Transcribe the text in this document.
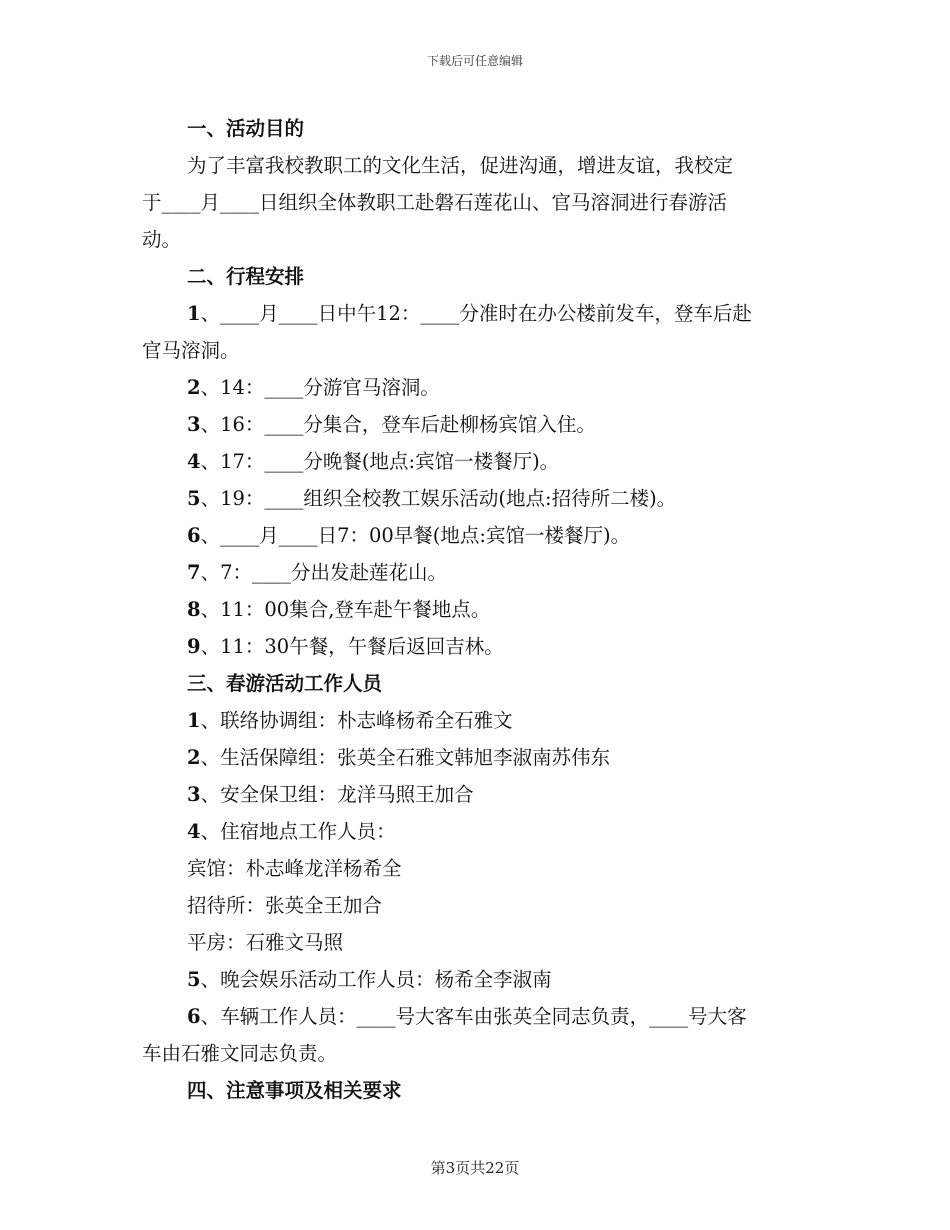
下载后可任意编辑
一、活动目的
为了丰富我校教职工的文化生活，促进沟通，增进友谊，我校定
于____月____日组织全体教职工赴磐石莲花山、官马溶洞进行春游活
动。
二、行程安排
1、____月____日中午12：____分准时在办公楼前发车，登车后赴
官马溶洞。
2、14：____分游官马溶洞。
3、16：____分集合，登车后赴柳杨宾馆入住。
4、17：____分晚餐(地点:宾馆一楼餐厅)。
5、19：____组织全校教工娱乐活动(地点:招待所二楼)。
6、____月____日7：00早餐(地点:宾馆一楼餐厅)。
7、7：____分出发赴莲花山。
8、11：00集合,登车赴午餐地点。
9、11：30午餐，午餐后返回吉林。
三、春游活动工作人员
1、联络协调组：朴志峰杨希全石雅文
2、生活保障组：张英全石雅文韩旭李淑南苏伟东
3、安全保卫组：龙洋马照王加合
4、住宿地点工作人员：
宾馆：朴志峰龙洋杨希全
招待所：张英全王加合
平房：石雅文马照
5、晚会娱乐活动工作人员：杨希全李淑南
6、车辆工作人员：____号大客车由张英全同志负责，____号大客
车由石雅文同志负责。
四、注意事项及相关要求
第3页共22页
